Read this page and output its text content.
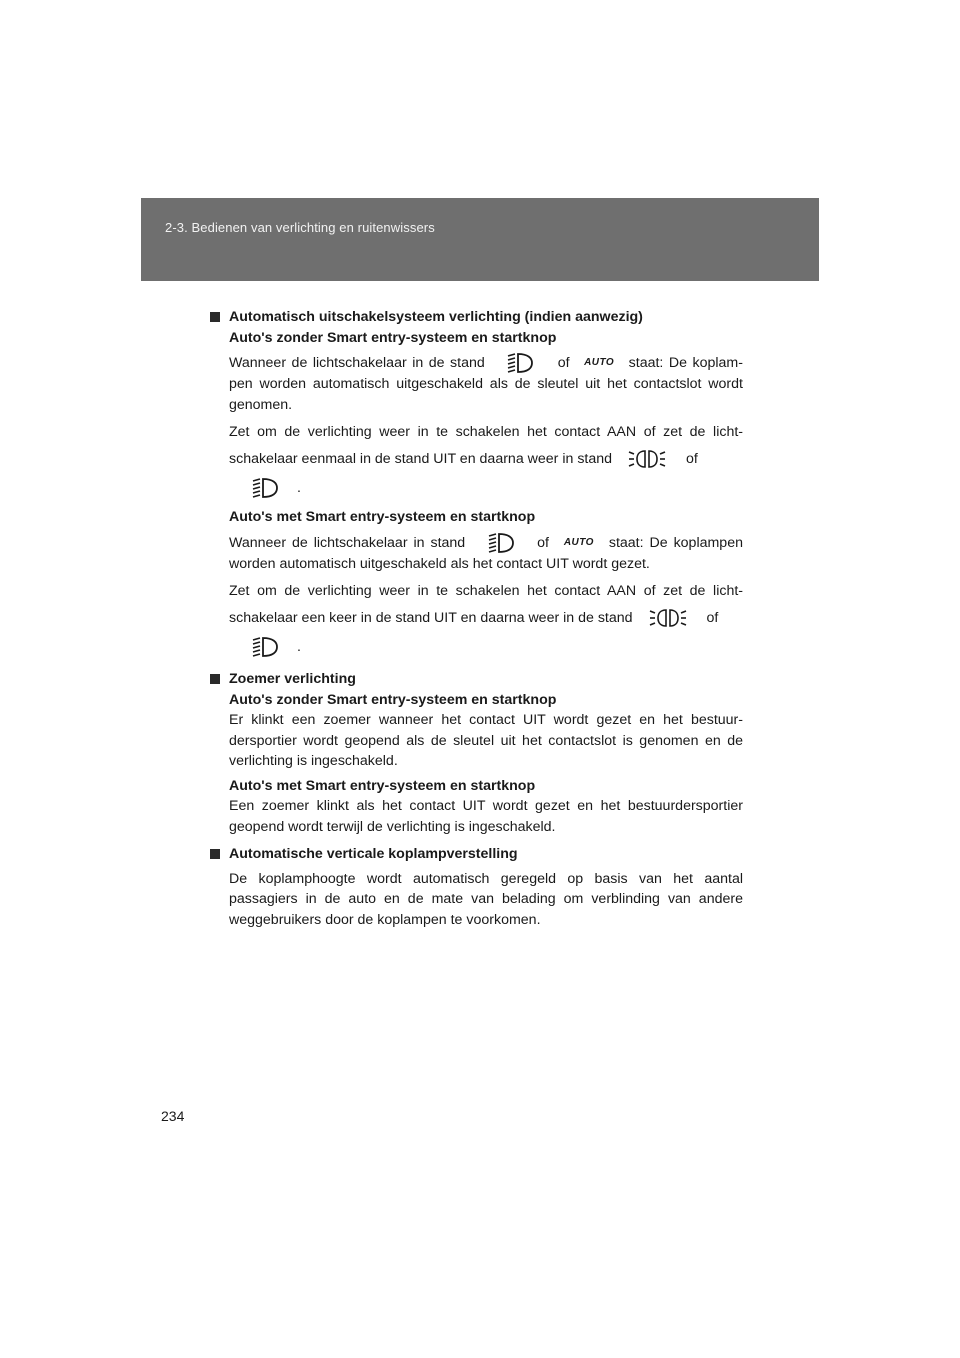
2-3. Bedienen van verlichting en ruitenwissers
Automatisch uitschakelsysteem verlichting (indien aanwezig)
Auto's zonder Smart entry-systeem en startknop
Wanneer de lichtschakelaar in de stand	of AUTO staat: De koplam-pen worden automatisch uitgeschakeld als de sleutel uit het contactslot wordt genomen.
Zet om de verlichting weer in te schakelen het contact AAN of zet de licht-schakelaar eenmaal in de stand UIT en daarna weer in stand	of
.
Auto's met Smart entry-systeem en startknop
Wanneer de lichtschakelaar in stand	of AUTO staat: De koplampen worden automatisch uitgeschakeld als het contact UIT wordt gezet.
Zet om de verlichting weer in te schakelen het contact AAN of zet de licht-schakelaar een keer in de stand UIT en daarna weer in de stand	of
.
Zoemer verlichting
Auto's zonder Smart entry-systeem en startknop
Er klinkt een zoemer wanneer het contact UIT wordt gezet en het bestuur-dersportier wordt geopend als de sleutel uit het contactslot is genomen en de verlichting is ingeschakeld.
Auto's met Smart entry-systeem en startknop
Een zoemer klinkt als het contact UIT wordt gezet en het bestuurdersportier geopend wordt terwijl de verlichting is ingeschakeld.
Automatische verticale koplampverstelling
De koplamphoogte wordt automatisch geregeld op basis van het aantal passagiers in de auto en de mate van belading om verblinding van andere weggebruikers door de koplampen te voorkomen.
234
